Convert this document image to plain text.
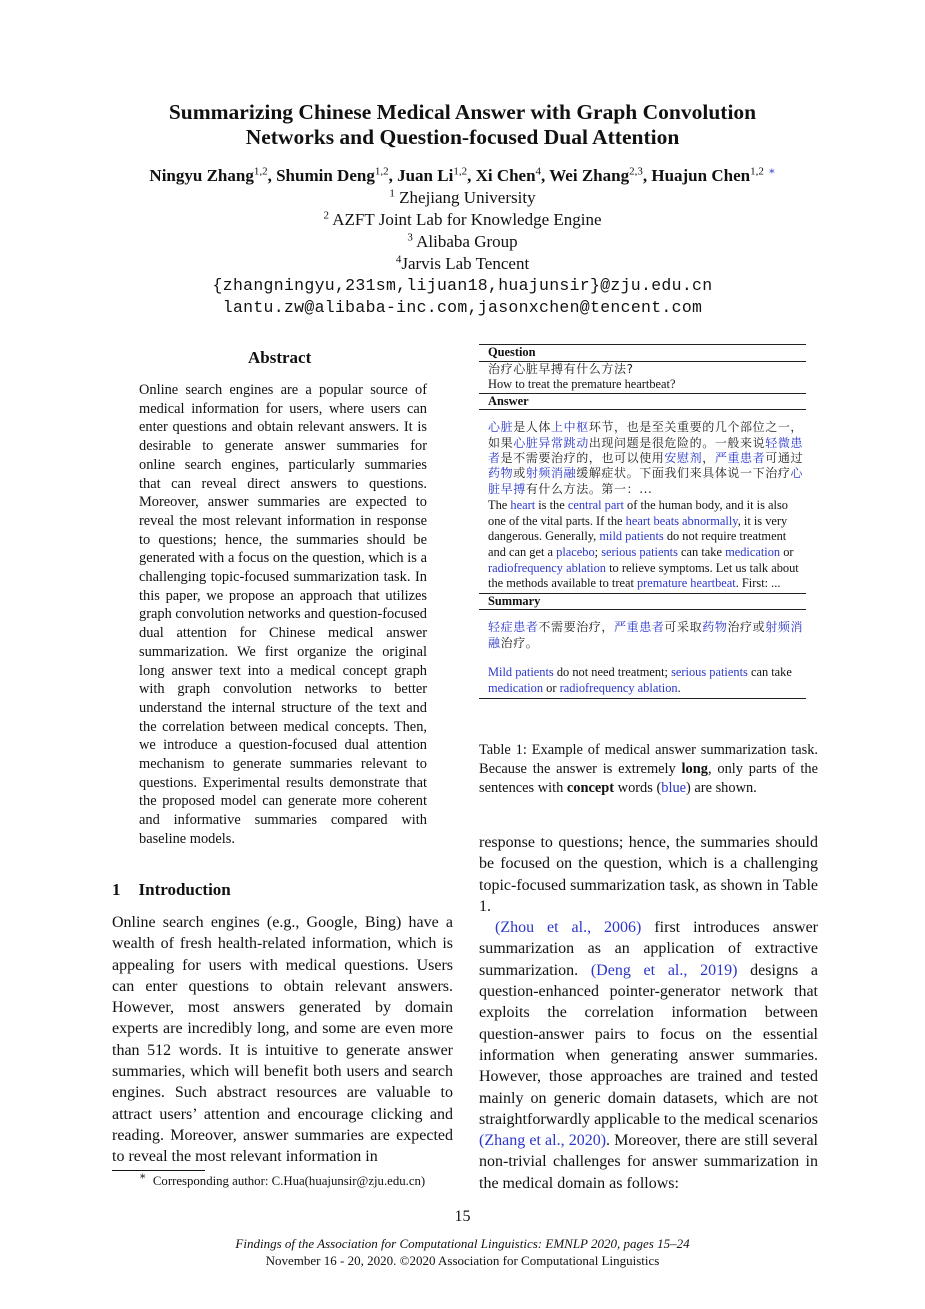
Summarizing Chinese Medical Answer with Graph Convolution
Networks and Question-focused Dual Attention
Ningyu Zhang$^{1,2}$, Shumin Deng$^{1,2}$, Juan Li$^{1,2}$, Xi Chen$^4$, Wei Zhang$^{2,3}$, Huajun Chen$^{1,2}$ ∗
$^1$ Zhejiang University
$^2$ AZFT Joint Lab for Knowledge Engine
$^3$ Alibaba Group
$^4$Jarvis Lab Tencent
{zhangningyu,231sm,lijuan18,huajunsir}@zju.edu.cn
lantu.zw@alibaba-inc.com,jasonxchen@tencent.com
Abstract
Online search engines are a popular source of medical information for users, where users can enter questions and obtain relevant answers. It is desirable to generate answer summaries for online search engines, particularly summaries that can reveal direct answers to questions. Moreover, answer summaries are expected to reveal the most relevant information in response to questions; hence, the summaries should be generated with a focus on the question, which is a challenging topic-focused summarization task. In this paper, we propose an approach that utilizes graph convolution networks and question-focused dual attention for Chinese medical answer summarization. We first organize the original long answer text into a medical concept graph with graph convolution networks to better understand the internal structure of the text and the correlation between medical concepts. Then, we introduce a question-focused dual attention mechanism to generate summaries relevant to questions. Experimental results demonstrate that the proposed model can generate more coherent and informative summaries compared with baseline models.
1 Introduction
Online search engines (e.g., Google, Bing) have a wealth of fresh health-related information, which is appealing for users with medical questions. Users can enter questions to obtain relevant answers. However, most answers generated by domain experts are incredibly long, and some are even more than 512 words. It is intuitive to generate answer summaries, which will benefit both users and search engines. Such abstract resources are valuable to attract users’ attention and encourage clicking and reading. Moreover, answer summaries are expected to reveal the most relevant information in
∗ Corresponding author: C.Hua(huajunsir@zju.edu.cn)
Question
治疗心脏早搏有什么方法?
How to treat the premature heartbeat?
Answer
心脏是人体上中枢环节，也是至关重要的几个部位之一，如果心脏异常跳动出现问题是很危险的。一般来说轻微患者是不需要治疗的，也可以使用安慰剂，严重患者可通过药物或射频消融缓解症状。下面我们来具体说一下治疗心脏早搏有什么方法。第一：...
The heart is the central part of the human body, and it is also one of the vital parts. If the heart beats abnormally, it is very dangerous. Generally, mild patients do not require treatment and can get a placebo; serious patients can take medication or radiofrequency ablation to relieve symptoms. Let us talk about the methods available to treat premature heartbeat. First: ...
Summary
轻症患者不需要治疗，严重患者可采取药物治疗或射频消融治疗。
Mild patients do not need treatment; serious patients can take medication or radiofrequency ablation.
Table 1: Example of medical answer summarization task. Because the answer is extremely long, only parts of the sentences with concept words (blue) are shown.

response to questions; hence, the summaries should be focused on the question, which is a challenging topic-focused summarization task, as shown in Table 1.

(Zhou et al., 2006) first introduces answer summarization as an application of extractive summarization. (Deng et al., 2019) designs a question-enhanced pointer-generator network that exploits the correlation information between question-answer pairs to focus on the essential information when generating answer summaries. However, those approaches are trained and tested mainly on generic domain datasets, which are not straightforwardly applicable to the medical scenarios (Zhang et al., 2020). Moreover, there are still several non-trivial challenges for answer summarization in the medical domain as follows:

15
Findings of the Association for Computational Linguistics: EMNLP 2020, pages 15–24
November 16 - 20, 2020. ©2020 Association for Computational Linguistics
